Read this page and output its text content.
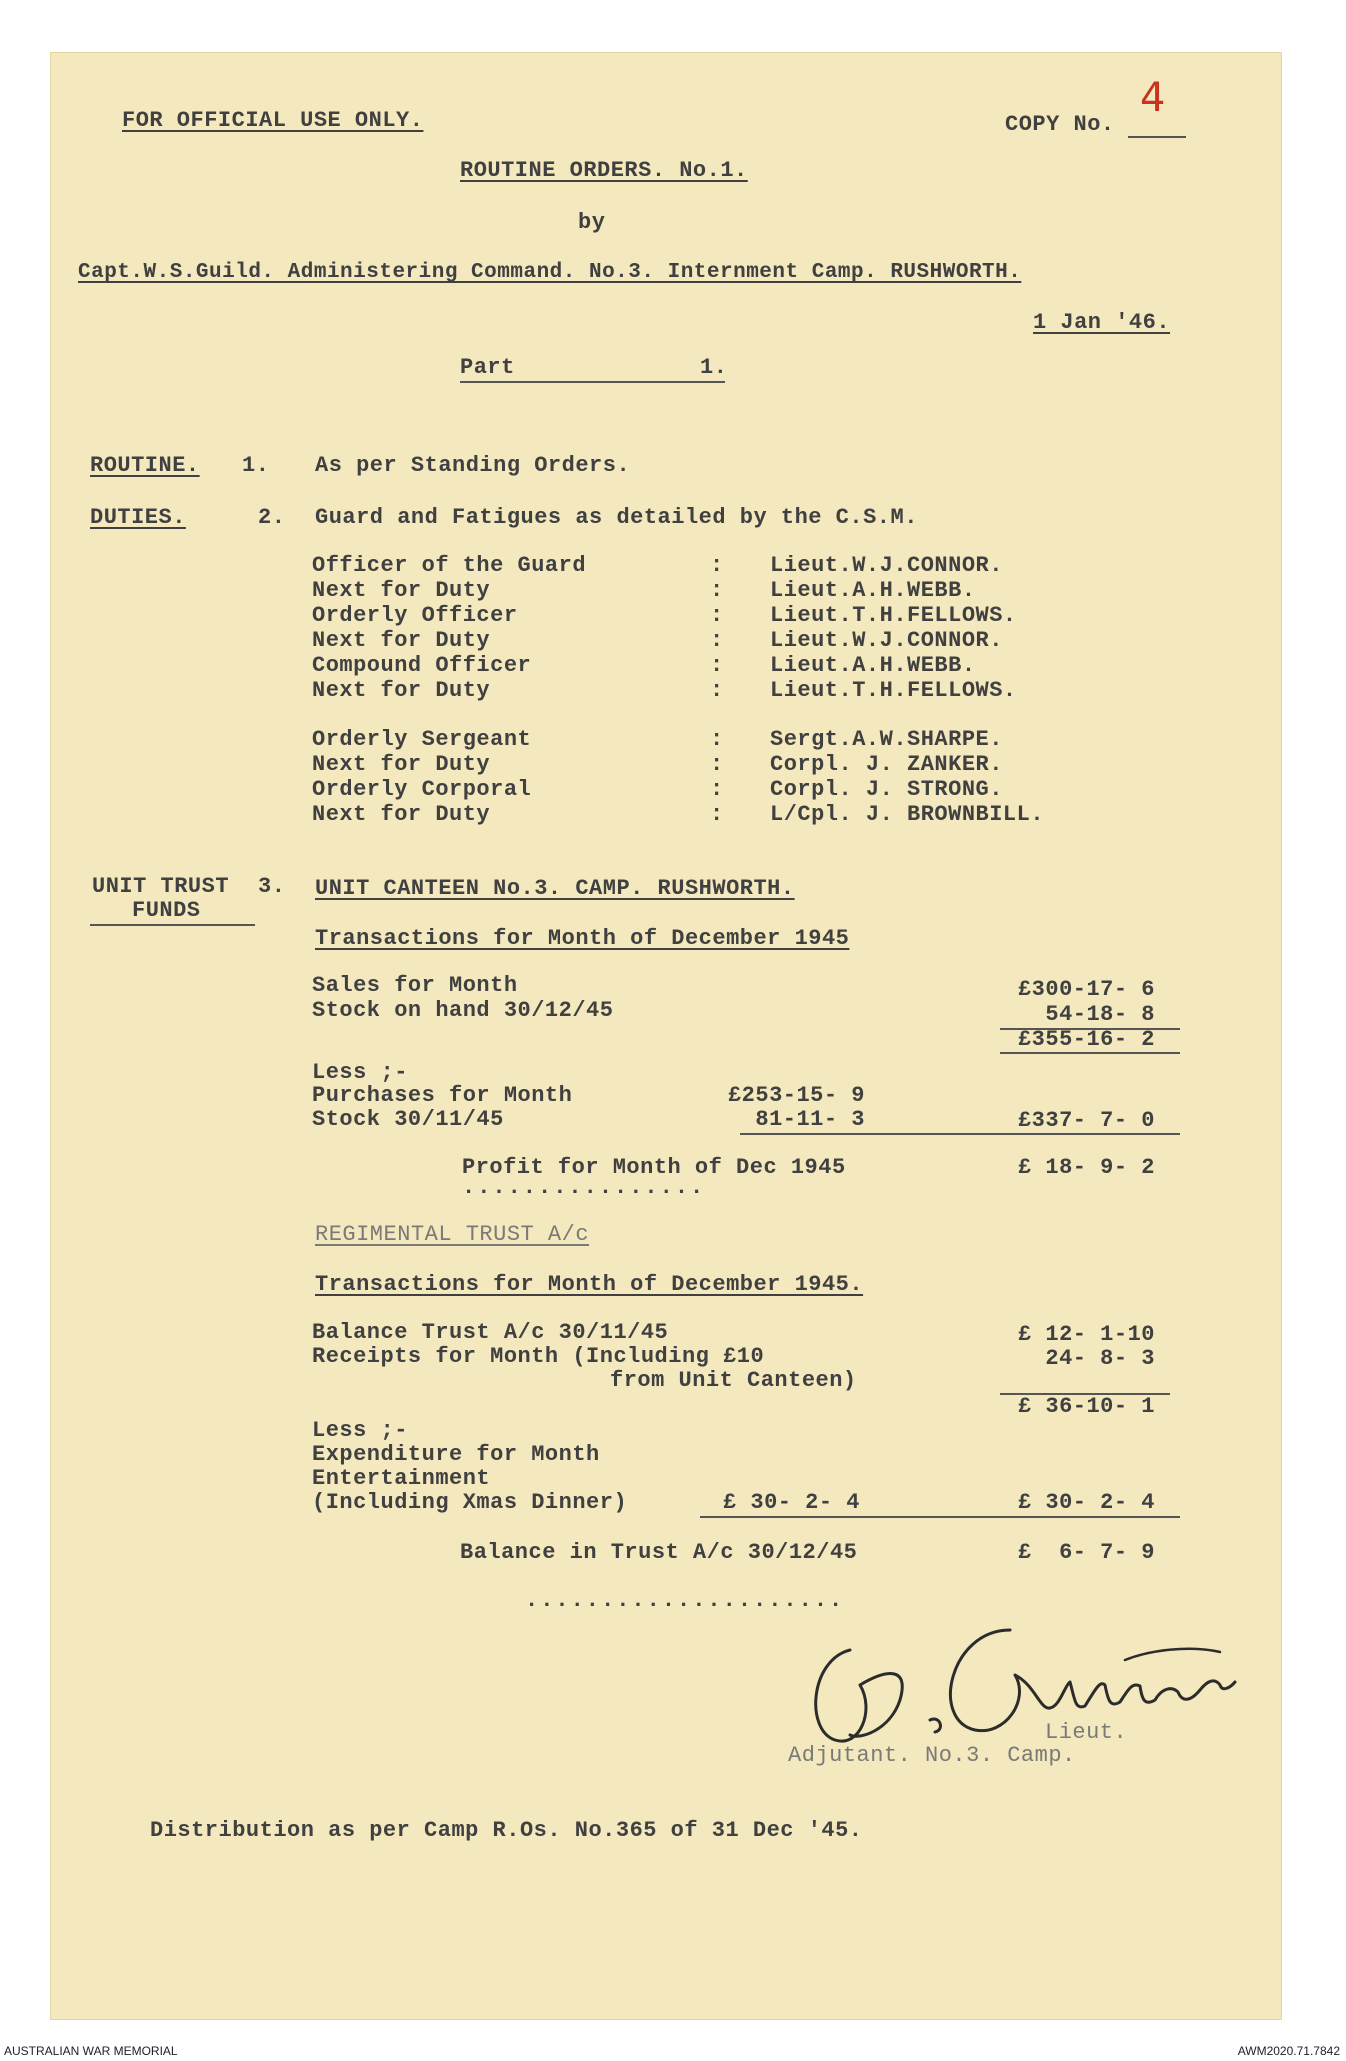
FOR OFFICIAL USE ONLY.	COPY No.
4
ROUTINE ORDERS. No.1.
by
Capt.W.S.Guild. Administering Command. No.3. Internment Camp. RUSHWORTH.
1 Jan '46.
Part	1.
ROUTINE. 1. As per Standing Orders.
DUTIES.	2. Guard and Fatigues as detailed by the C.S.M.
Officer of the Guard	: Lieut.W.J.CONNOR.
Next for Duty	: Lieut.A.H.WEBB.
Orderly Officer	: Lieut.T.H.FELLOWS.
Next for Duty	: Lieut.W.J.CONNOR.
Compound Officer	: Lieut.A.H.WEBB.
Next for Duty	: Lieut.T.H.FELLOWS.
Orderly Sergeant	: Sergt.A.W.SHARPE.
Next for Duty	: Corpl. J. ZANKER.
Orderly Corporal	: Corpl. J. STRONG.
Next for Duty	: L/Cpl. J. BROWNBILL.
UNIT TRUST 3.
FUNDS
UNIT CANTEEN No.3. CAMP. RUSHWORTH.
Transactions for Month of December 1945
Sales for Month	£300-17- 6
Stock on hand 30/12/45	54-18- 8
£355-16- 2
Less ;-
Purchases for Month	£253-15- 9
Stock 30/11/45	81-11- 3	£337- 7- 0
Profit for Month of Dec 1945	£ 18- 9- 2
................
REGIMENTAL TRUST A/c
Transactions for Month of December 1945.
Balance Trust A/c 30/11/45	£ 12- 1-10
Receipts for Month (Including £10	24- 8- 3
from Unit Canteen)
£ 36-10- 1
Less ;-
Expenditure for Month
Entertainment
(Including Xmas Dinner)	£ 30- 2- 4	£ 30- 2- 4
Balance in Trust A/c 30/12/45	£  6- 7- 9
.....................
Lieut.
Adjutant. No.3. Camp.
Distribution as per Camp R.Os. No.365 of 31 Dec '45.
AUSTRALIAN WAR MEMORIAL	AWM2020.71.7842
